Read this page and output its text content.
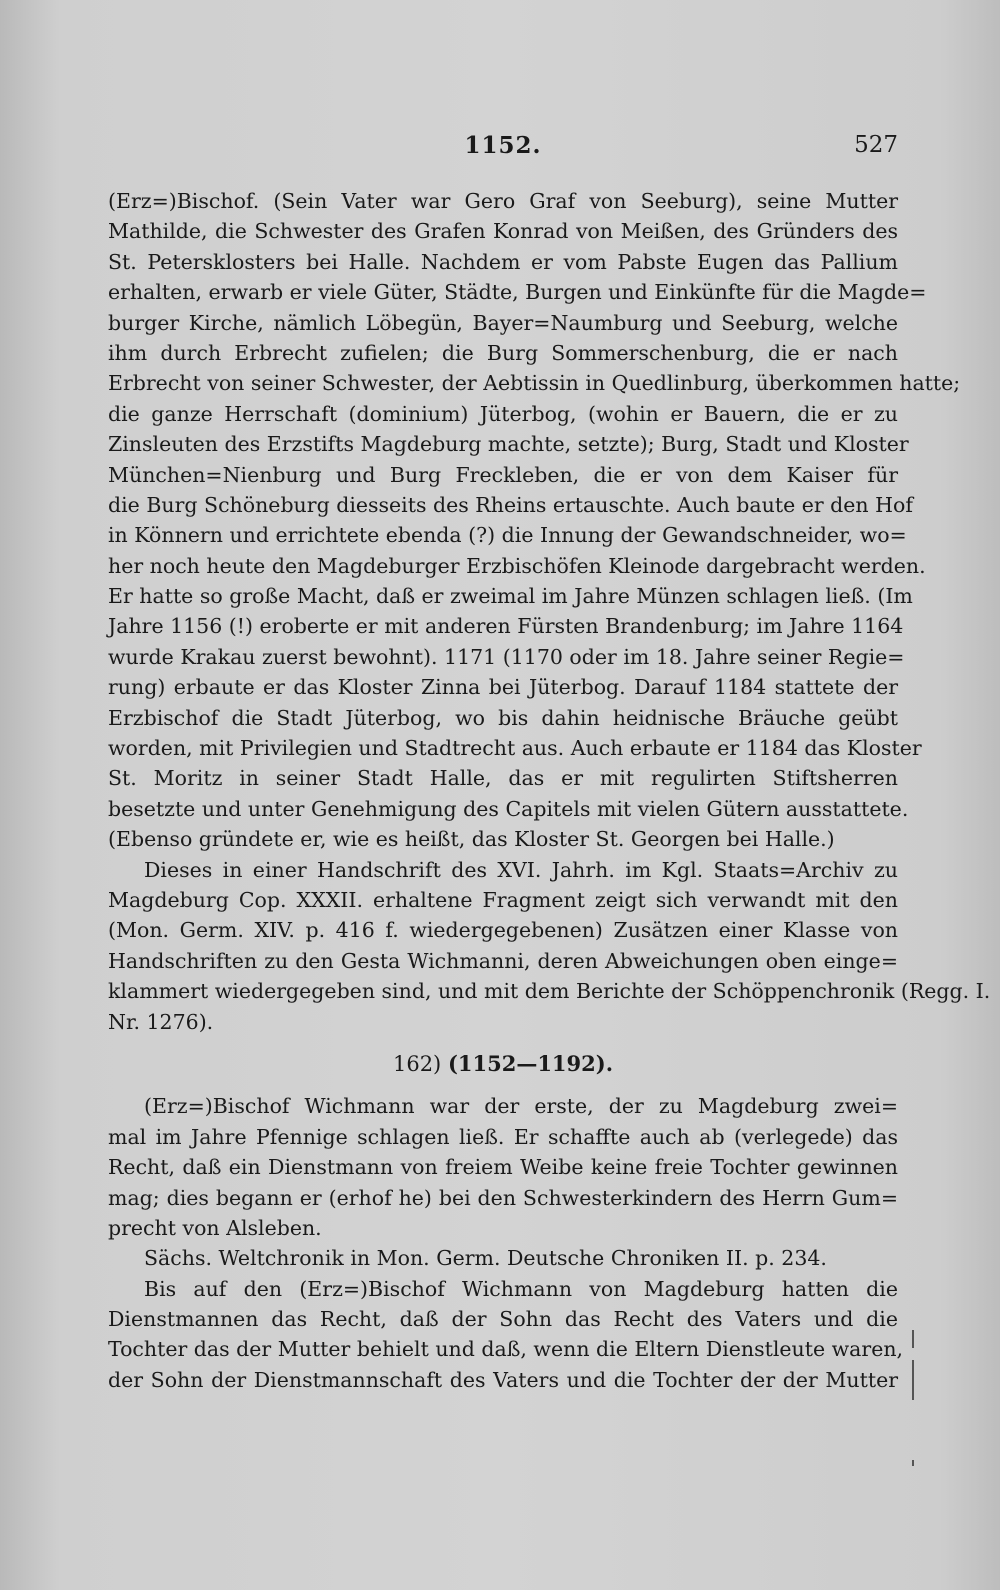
1152.	527
(Erz=)Bischof. (Sein Vater war Gero Graf von Seeburg), seine Mutter
Mathilde, die Schwester des Grafen Konrad von Meißen, des Gründers des
St. Petersklosters bei Halle. Nachdem er vom Pabste Eugen das Pallium
erhalten, erwarb er viele Güter, Städte, Burgen und Einkünfte für die Magde=
burger Kirche, nämlich Löbegün, Bayer=Naumburg und Seeburg, welche
ihm durch Erbrecht zufielen; die Burg Sommerschenburg, die er nach
Erbrecht von seiner Schwester, der Aebtissin in Quedlinburg, überkommen hatte;
die ganze Herrschaft (dominium) Jüterbog, (wohin er Bauern, die er zu
Zinsleuten des Erzstifts Magdeburg machte, setzte); Burg, Stadt und Kloster
München=Nienburg und Burg Freckleben, die er von dem Kaiser für
die Burg Schöneburg diesseits des Rheins ertauschte. Auch baute er den Hof
in Könnern und errichtete ebenda (?) die Innung der Gewandschneider, wo=
her noch heute den Magdeburger Erzbischöfen Kleinode dargebracht werden.
Er hatte so große Macht, daß er zweimal im Jahre Münzen schlagen ließ. (Im
Jahre 1156 (!) eroberte er mit anderen Fürsten Brandenburg; im Jahre 1164
wurde Krakau zuerst bewohnt). 1171 (1170 oder im 18. Jahre seiner Regie=
rung) erbaute er das Kloster Zinna bei Jüterbog. Darauf 1184 stattete der
Erzbischof die Stadt Jüterbog, wo bis dahin heidnische Bräuche geübt
worden, mit Privilegien und Stadtrecht aus. Auch erbaute er 1184 das Kloster
St. Moritz in seiner Stadt Halle, das er mit regulirten Stiftsherren
besetzte und unter Genehmigung des Capitels mit vielen Gütern ausstattete.
(Ebenso gründete er, wie es heißt, das Kloster St. Georgen bei Halle.)
Dieses in einer Handschrift des XVI. Jahrh. im Kgl. Staats=Archiv zu
Magdeburg Cop. XXXII. erhaltene Fragment zeigt sich verwandt mit den
(Mon. Germ. XIV. p. 416 f. wiedergegebenen) Zusätzen einer Klasse von
Handschriften zu den Gesta Wichmanni, deren Abweichungen oben einge=
klammert wiedergegeben sind, und mit dem Berichte der Schöppenchronik (Regg. I.
Nr. 1276).
162) (1152—1192).
(Erz=)Bischof Wichmann war der erste, der zu Magdeburg zwei=
mal im Jahre Pfennige schlagen ließ. Er schaffte auch ab (verlegede) das
Recht, daß ein Dienstmann von freiem Weibe keine freie Tochter gewinnen
mag; dies begann er (erhof he) bei den Schwesterkindern des Herrn Gum=
precht von Alsleben.
Sächs. Weltchronik in Mon. Germ. Deutsche Chroniken II. p. 234.
Bis auf den (Erz=)Bischof Wichmann von Magdeburg hatten die
Dienstmannen das Recht, daß der Sohn das Recht des Vaters und die
Tochter das der Mutter behielt und daß, wenn die Eltern Dienstleute waren,
der Sohn der Dienstmannschaft des Vaters und die Tochter der der Mutter
